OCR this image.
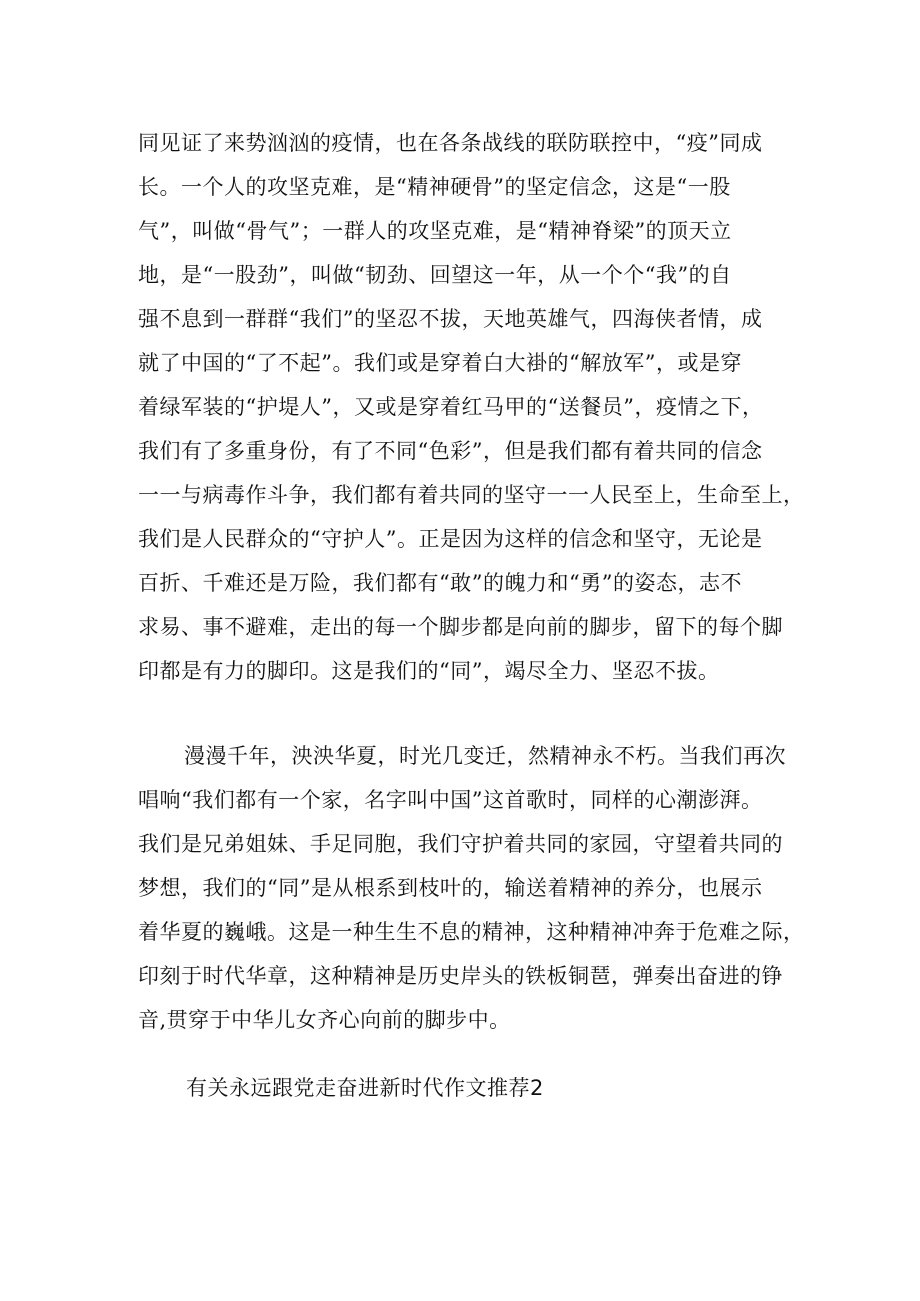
同见证了来势汹汹的疫情，也在各条战线的联防联控中，“疫”同成
长。一个人的攻坚克难，是“精神硬骨”的坚定信念，这是“一股
气”，叫做“骨气”；一群人的攻坚克难，是“精神脊梁”的顶天立
地，是“一股劲”，叫做“韧劲、回望这一年，从一个个“我”的自
强不息到一群群“我们”的坚忍不拔，天地英雄气，四海侠者情，成
就了中国的“了不起”。我们或是穿着白大褂的“解放军”，或是穿
着绿军装的“护堤人”，又或是穿着红马甲的“送餐员”，疫情之下，
我们有了多重身份，有了不同“色彩”，但是我们都有着共同的信念
一一与病毒作斗争，我们都有着共同的坚守一一人民至上，生命至上，
我们是人民群众的“守护人”。正是因为这样的信念和坚守，无论是
百折、千难还是万险，我们都有“敢”的魄力和“勇”的姿态，志不
求易、事不避难，走出的每一个脚步都是向前的脚步，留下的每个脚
印都是有力的脚印。这是我们的“同”，竭尽全力、坚忍不拔。
漫漫千年，泱泱华夏，时光几变迁，然精神永不朽。当我们再次
唱响“我们都有一个家，名字叫中国”这首歌时，同样的心潮澎湃。
我们是兄弟姐妹、手足同胞，我们守护着共同的家园，守望着共同的
梦想，我们的“同”是从根系到枝叶的，输送着精神的养分，也展示
着华夏的巍峨。这是一种生生不息的精神，这种精神冲奔于危难之际，
印刻于时代华章，这种精神是历史岸头的铁板铜琶，弹奏出奋进的铮
音,贯穿于中华儿女齐心向前的脚步中。
有关永远跟党走奋进新时代作文推荐2
